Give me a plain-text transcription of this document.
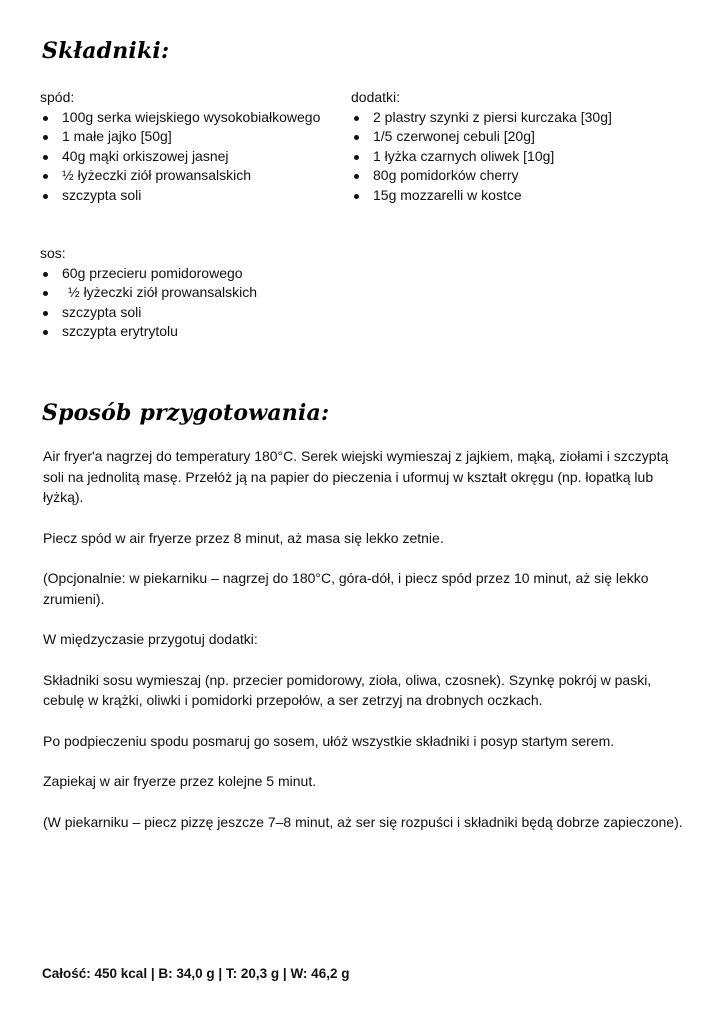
Składniki:

spód:

100g serka wiejskiego wysokobiałkowego
1 małe jajko [50g]
40g mąki orkiszowej jasnej
½ łyżeczki ziół prowansalskich
szczypta soli

dodatki:

2 plastry szynki z piersi kurczaka [30g]
1/5 czerwonej cebuli [20g]
1 łyżka czarnych oliwek [10g]
80g pomidorków cherry
15g mozzarelli w kostce

sos:

60g przecieru pomidorowego
½ łyżeczki ziół prowansalskich
szczypta soli
szczypta erytrytolu
Sposób przygotowania:

Air fryer'a nagrzej do temperatury 180°C. Serek wiejski wymieszaj z jajkiem, mąką, ziołami i szczyptą soli na jednolitą masę. Przełóż ją na papier do pieczenia i uformuj w kształt okręgu (np. łopatką lub łyżką).

Piecz spód w air fryerze przez 8 minut, aż masa się lekko zetnie.

(Opcjonalnie: w piekarniku – nagrzej do 180°C, góra-dół, i piecz spód przez 10 minut, aż się lekko zrumieni).

W międzyczasie przygotuj dodatki:

Składniki sosu wymieszaj (np. przecier pomidorowy, zioła, oliwa, czosnek). Szynkę pokrój w paski, cebulę w krążki, oliwki i pomidorki przepołów, a ser zetrzyj na drobnych oczkach.

Po podpieczeniu spodu posmaruj go sosem, ułóż wszystkie składniki i posyp startym serem.

Zapiekaj w air fryerze przez kolejne 5 minut.

(W piekarniku – piecz pizzę jeszcze 7–8 minut, aż ser się rozpuści i składniki będą dobrze zapieczone).

Całość: 450 kcal | B: 34,0 g | T: 20,3 g | W: 46,2 g
